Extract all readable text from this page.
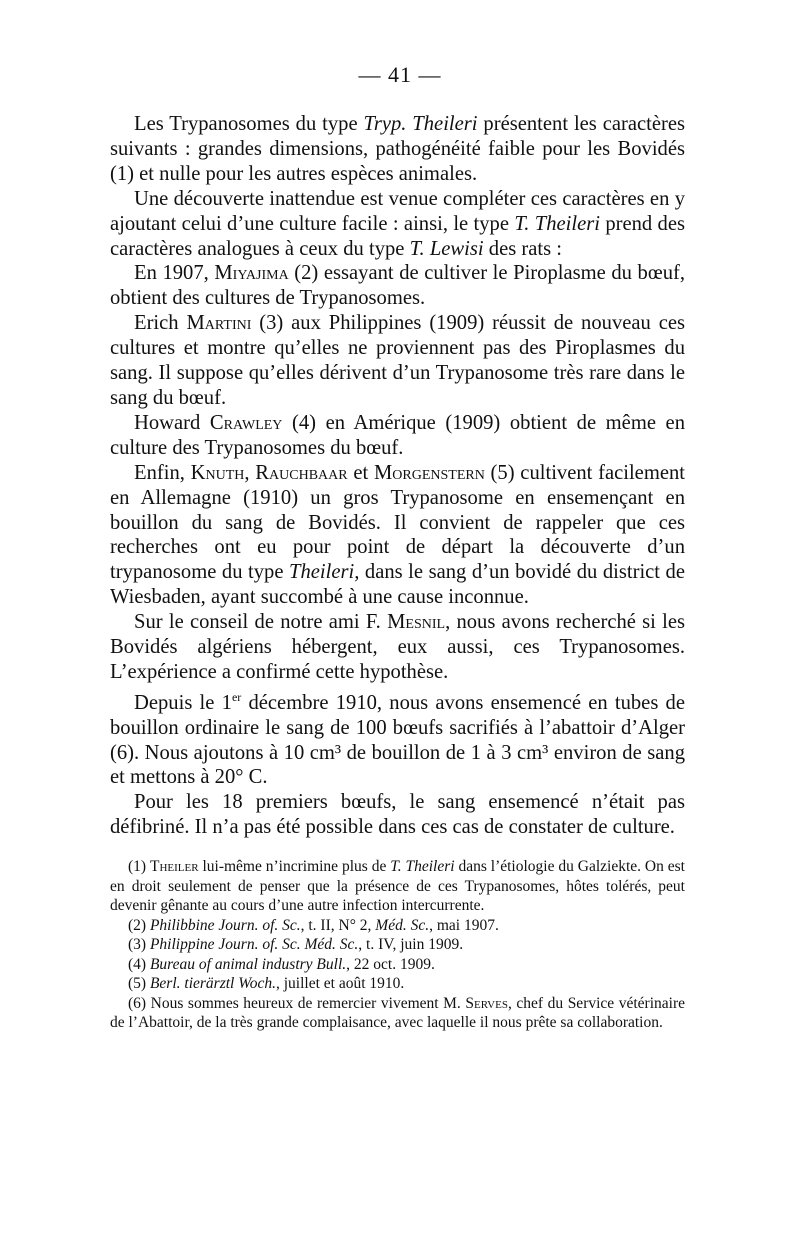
— 41 —

Les Trypanosomes du type Tryp. Theileri présentent les caractères suivants : grandes dimensions, pathogénéité faible pour les Bovidés (1) et nulle pour les autres espèces animales.

Une découverte inattendue est venue compléter ces caractères en y ajoutant celui d’une culture facile : ainsi, le type T. Theileri prend des caractères analogues à ceux du type T. Lewisi des rats :

En 1907, Miyajima (2) essayant de cultiver le Piroplasme du bœuf, obtient des cultures de Trypanosomes.

Erich Martini (3) aux Philippines (1909) réussit de nouveau ces cultures et montre qu’elles ne proviennent pas des Piroplasmes du sang. Il suppose qu’elles dérivent d’un Trypanosome très rare dans le sang du bœuf.

Howard Crawley (4) en Amérique (1909) obtient de même en culture des Trypanosomes du bœuf.

Enfin, Knuth, Rauchbaar et Morgenstern (5) cultivent facilement en Allemagne (1910) un gros Trypanosome en ensemençant en bouillon du sang de Bovidés. Il convient de rappeler que ces recherches ont eu pour point de départ la découverte d’un trypanosome du type Theileri, dans le sang d’un bovidé du district de Wiesbaden, ayant succombé à une cause inconnue.

Sur le conseil de notre ami F. Mesnil, nous avons recherché si les Bovidés algériens hébergent, eux aussi, ces Trypanosomes. L’expérience a confirmé cette hypothèse.

Depuis le 1er décembre 1910, nous avons ensemencé en tubes de bouillon ordinaire le sang de 100 bœufs sacrifiés à l’abattoir d’Alger (6). Nous ajoutons à 10 cm³ de bouillon de 1 à 3 cm³ environ de sang et mettons à 20° C.

Pour les 18 premiers bœufs, le sang ensemencé n’était pas défibriné. Il n’a pas été possible dans ces cas de constater de culture.

(1) Theiler lui-même n’incrimine plus de T. Theileri dans l’étiologie du Galziekte. On est en droit seulement de penser que la présence de ces Trypanosomes, hôtes tolérés, peut devenir gênante au cours d’une autre infection intercurrente.

(2) Philibbine Journ. of. Sc., t. II, N° 2, Méd. Sc., mai 1907.

(3) Philippine Journ. of. Sc. Méd. Sc., t. IV, juin 1909.

(4) Bureau of animal industry Bull., 22 oct. 1909.

(5) Berl. tierärztl Woch., juillet et août 1910.

(6) Nous sommes heureux de remercier vivement M. Serves, chef du Service vétérinaire de l’Abattoir, de la très grande complaisance, avec laquelle il nous prête sa collaboration.
